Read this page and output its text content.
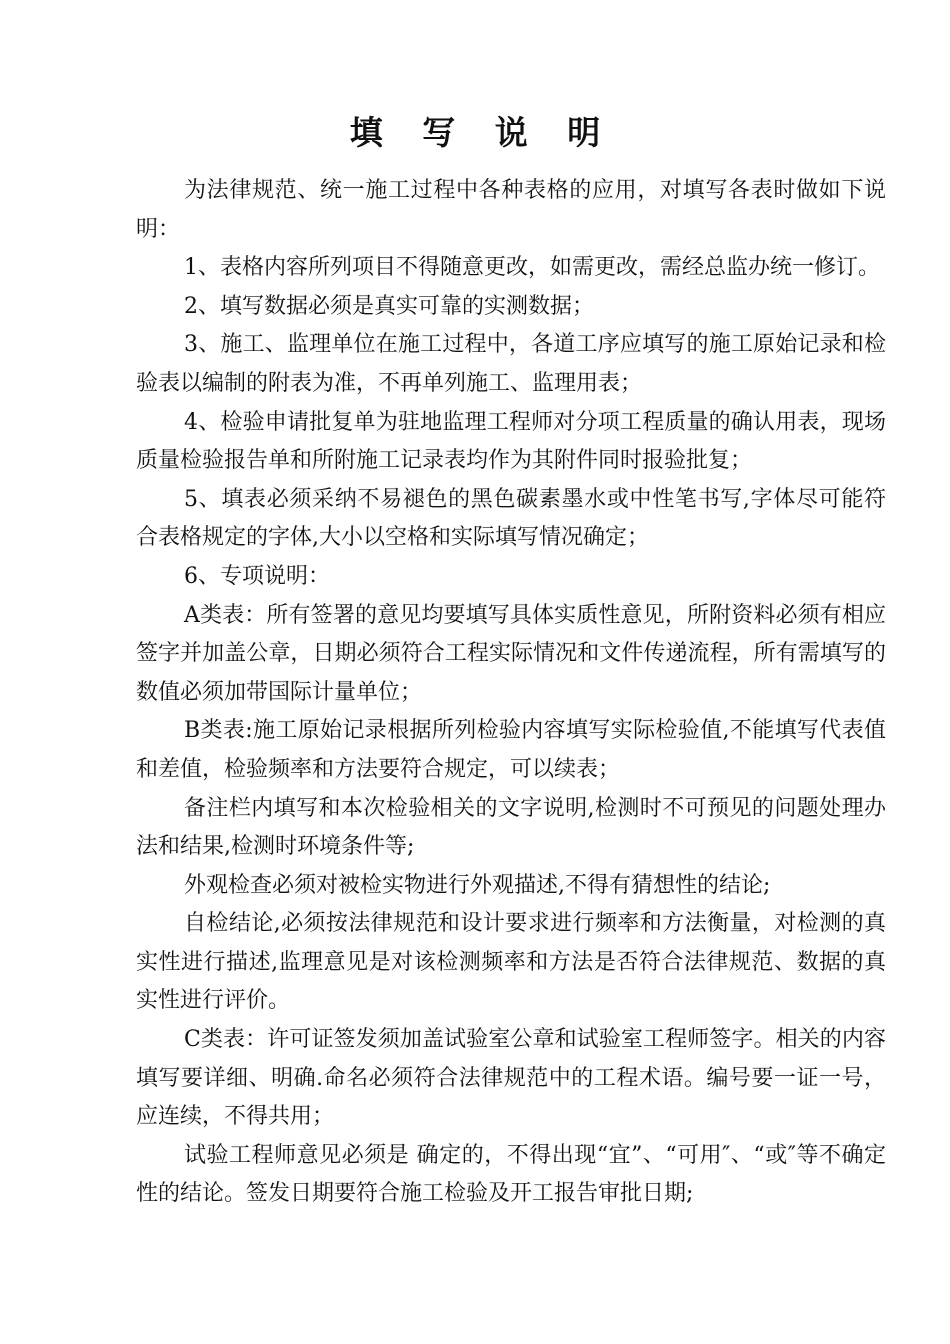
填 写 说 明

为法律规范、统一施工过程中各种表格的应用，对填写各表时做如下说明：

1、表格内容所列项目不得随意更改，如需更改，需经总监办统一修订。

2、填写数据必须是真实可靠的实测数据；

3、施工、监理单位在施工过程中，各道工序应填写的施工原始记录和检验表以编制的附表为准，不再单列施工、监理用表；

4、检验申请批复单为驻地监理工程师对分项工程质量的确认用表，现场质量检验报告单和所附施工记录表均作为其附件同时报验批复；

5、填表必须采纳不易褪色的黑色碳素墨水或中性笔书写,字体尽可能符合表格规定的字体,大小以空格和实际填写情况确定；

6、专项说明：

A类表：所有签署的意见均要填写具体实质性意见，所附资料必须有相应签字并加盖公章，日期必须符合工程实际情况和文件传递流程，所有需填写的数值必须加带国际计量单位；

B类表:施工原始记录根据所列检验内容填写实际检验值,不能填写代表值和差值，检验频率和方法要符合规定，可以续表；

备注栏内填写和本次检验相关的文字说明,检测时不可预见的问题处理办法和结果,检测时环境条件等;

外观检查必须对被检实物进行外观描述,不得有猜想性的结论;

自检结论,必须按法律规范和设计要求进行频率和方法衡量，对检测的真实性进行描述,监理意见是对该检测频率和方法是否符合法律规范、数据的真实性进行评价。

C类表：许可证签发须加盖试验室公章和试验室工程师签字。相关的内容填写要详细、明确.命名必须符合法律规范中的工程术语。编号要一证一号，应连续，不得共用；

试验工程师意见必须是 确定的，不得出现“宜”、“可用″、“或″等不确定性的结论。签发日期要符合施工检验及开工报告审批日期;
